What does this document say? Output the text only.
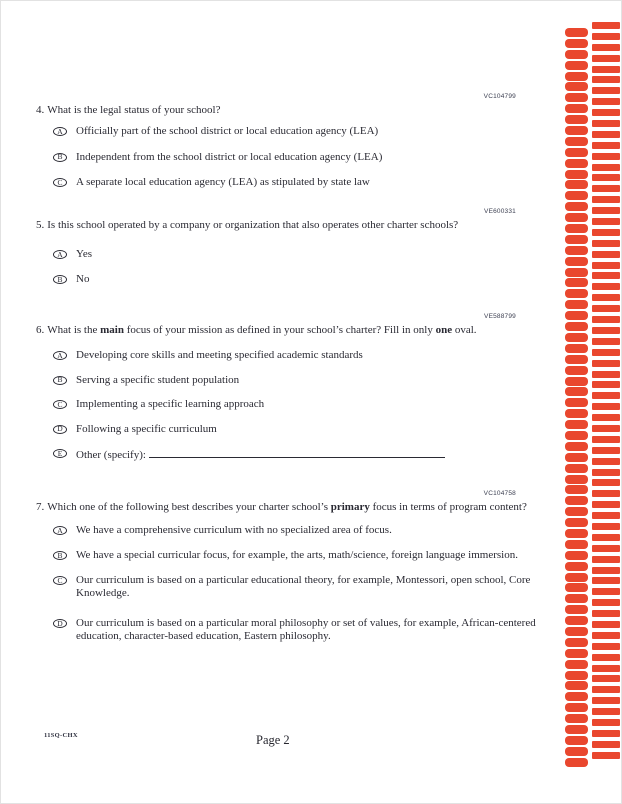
VC104799
4. What is the legal status of your school?
A Officially part of the school district or local education agency (LEA)
B Independent from the school district or local education agency (LEA)
C A separate local education agency (LEA) as stipulated by state law
VE600331
5. Is this school operated by a company or organization that also operates other charter schools?
A Yes
B No
VE588799
6. What is the main focus of your mission as defined in your school’s charter? Fill in only one oval.
A Developing core skills and meeting specified academic standards
B Serving a specific student population
C Implementing a specific learning approach
D Following a specific curriculum
E Other (specify):
VC104758
7. Which one of the following best describes your charter school’s primary focus in terms of program content?
A We have a comprehensive curriculum with no specialized area of focus.
B We have a special curricular focus, for example, the arts, math/science, foreign language immersion.
C Our curriculum is based on a particular educational theory, for example, Montessori, open school, Core Knowledge.
D Our curriculum is based on a particular moral philosophy or set of values, for example, African-centered education, character-based education, Eastern philosophy.
11SQ-CHX	Page 2
